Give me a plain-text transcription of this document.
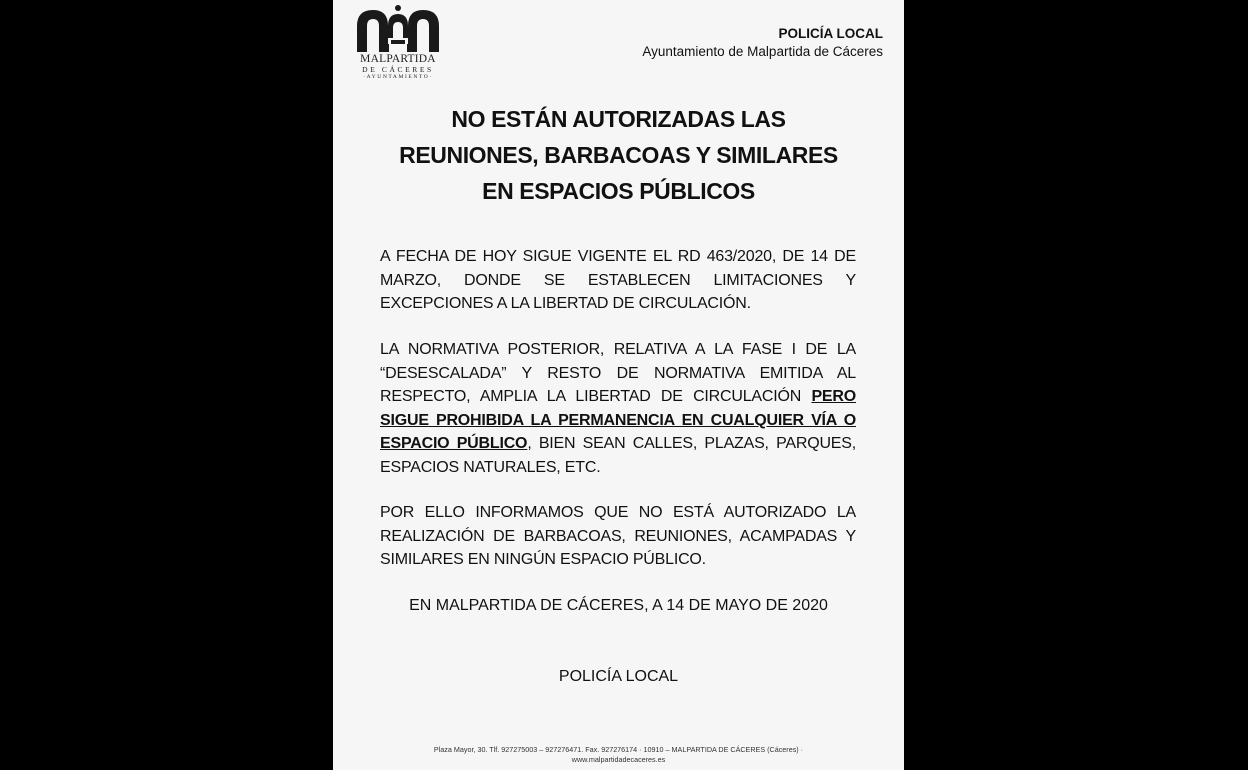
MALPARTIDA
DE CÁCERES
·AYUNTAMIENTO·
POLICÍA LOCAL
Ayuntamiento de Malpartida de Cáceres
NO ESTÁN AUTORIZADAS LAS
REUNIONES, BARBACOAS Y SIMILARES
EN ESPACIOS PÚBLICOS
A FECHA DE HOY SIGUE VIGENTE EL RD 463/2020, DE 14 DE MARZO, DONDE SE ESTABLECEN LIMITACIONES Y EXCEPCIONES A LA LIBERTAD DE CIRCULACIÓN.
LA NORMATIVA POSTERIOR, RELATIVA A LA FASE I DE LA “DESESCALADA” Y RESTO DE NORMATIVA EMITIDA AL RESPECTO, AMPLIA LA LIBERTAD DE CIRCULACIÓN PERO SIGUE PROHIBIDA LA PERMANENCIA EN CUALQUIER VÍA O ESPACIO PÚBLICO, BIEN SEAN CALLES, PLAZAS, PARQUES, ESPACIOS NATURALES, ETC.
POR ELLO INFORMAMOS QUE NO ESTÁ AUTORIZADO LA REALIZACIÓN DE BARBACOAS, REUNIONES, ACAMPADAS Y SIMILARES EN NINGÚN ESPACIO PÚBLICO.
EN MALPARTIDA DE CÁCERES, A 14 DE MAYO DE 2020
POLICÍA LOCAL
Plaza Mayor, 30. Tlf. 927275003 – 927276471. Fax. 927276174 · 10910 – MALPARTIDA DE CÁCERES (Cáceres) ·
www.malpartidadecaceres.es
